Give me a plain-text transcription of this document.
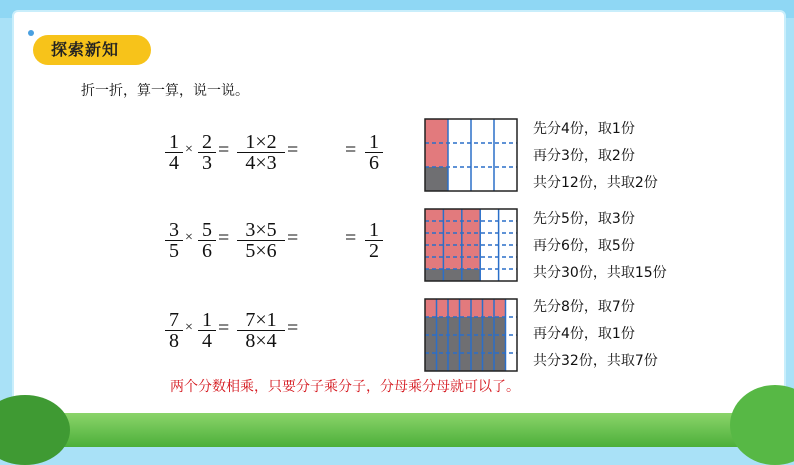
探索新知
折一折，算一算，说一说。
1
4
× 2
3
= 1×2
4×3
= = 1
6
3
5
× 5
6
= 3×5
5×6
= = 1
2
7
8
× 1
4
= 7×1
8×4
=
先分4份，取1份
再分3份，取2份
共分12份，共取2份
先分5份，取3份
再分6份，取5份
共分30份，共取15份
先分8份，取7份
再分4份，取1份
共分32份，共取7份
两个分数相乘，只要分子乘分子，分母乘分母就可以了。
